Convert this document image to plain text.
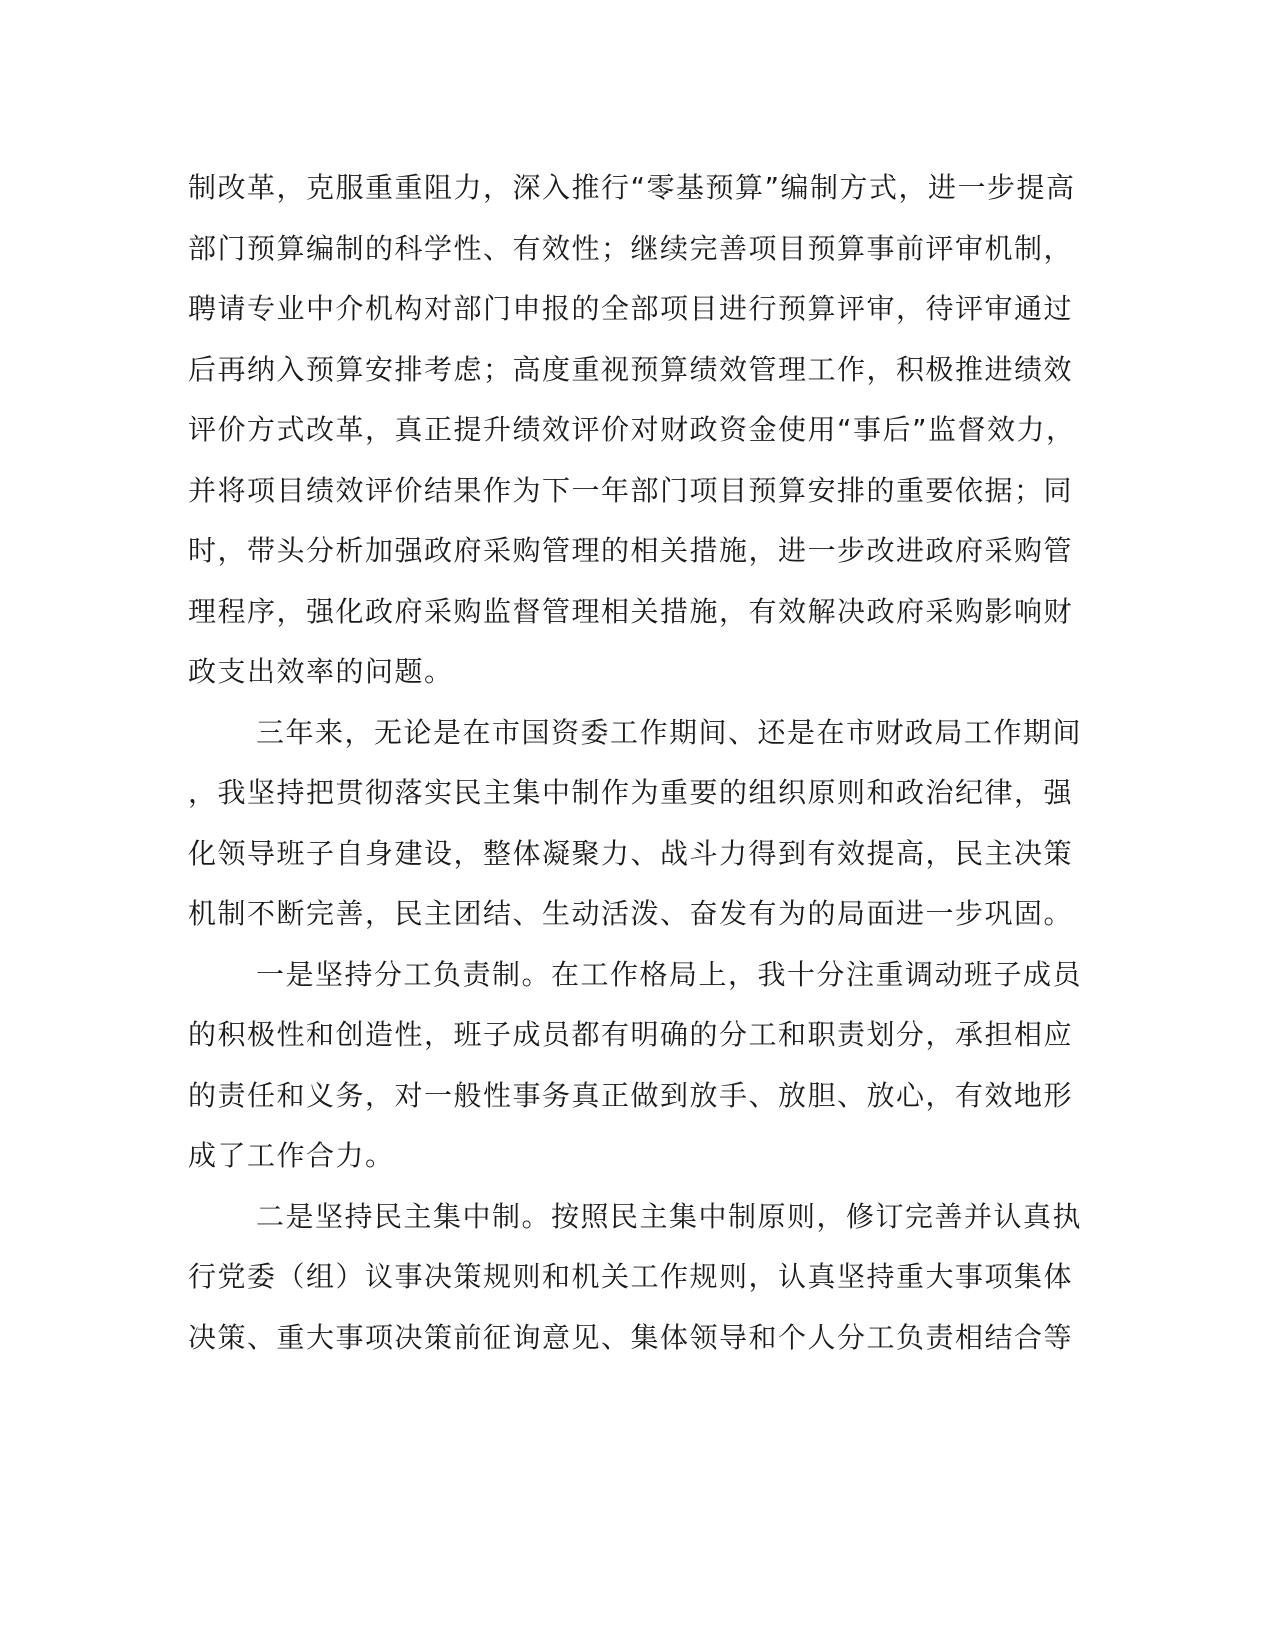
制改革，克服重重阻力，深入推行“零基预算”编制方式，进一步提高
部门预算编制的科学性、有效性；继续完善项目预算事前评审机制，
聘请专业中介机构对部门申报的全部项目进行预算评审，待评审通过
后再纳入预算安排考虑；高度重视预算绩效管理工作，积极推进绩效
评价方式改革，真正提升绩效评价对财政资金使用“事后”监督效力，
并将项目绩效评价结果作为下一年部门项目预算安排的重要依据；同
时，带头分析加强政府采购管理的相关措施，进一步改进政府采购管
理程序，强化政府采购监督管理相关措施，有效解决政府采购影响财
政支出效率的问题。
三年来，无论是在市国资委工作期间、还是在市财政局工作期间
，我坚持把贯彻落实民主集中制作为重要的组织原则和政治纪律，强
化领导班子自身建设，整体凝聚力、战斗力得到有效提高，民主决策
机制不断完善，民主团结、生动活泼、奋发有为的局面进一步巩固。
一是坚持分工负责制。在工作格局上，我十分注重调动班子成员
的积极性和创造性，班子成员都有明确的分工和职责划分，承担相应
的责任和义务，对一般性事务真正做到放手、放胆、放心，有效地形
成了工作合力。
二是坚持民主集中制。按照民主集中制原则，修订完善并认真执
行党委（组）议事决策规则和机关工作规则，认真坚持重大事项集体
决策、重大事项决策前征询意见、集体领导和个人分工负责相结合等
